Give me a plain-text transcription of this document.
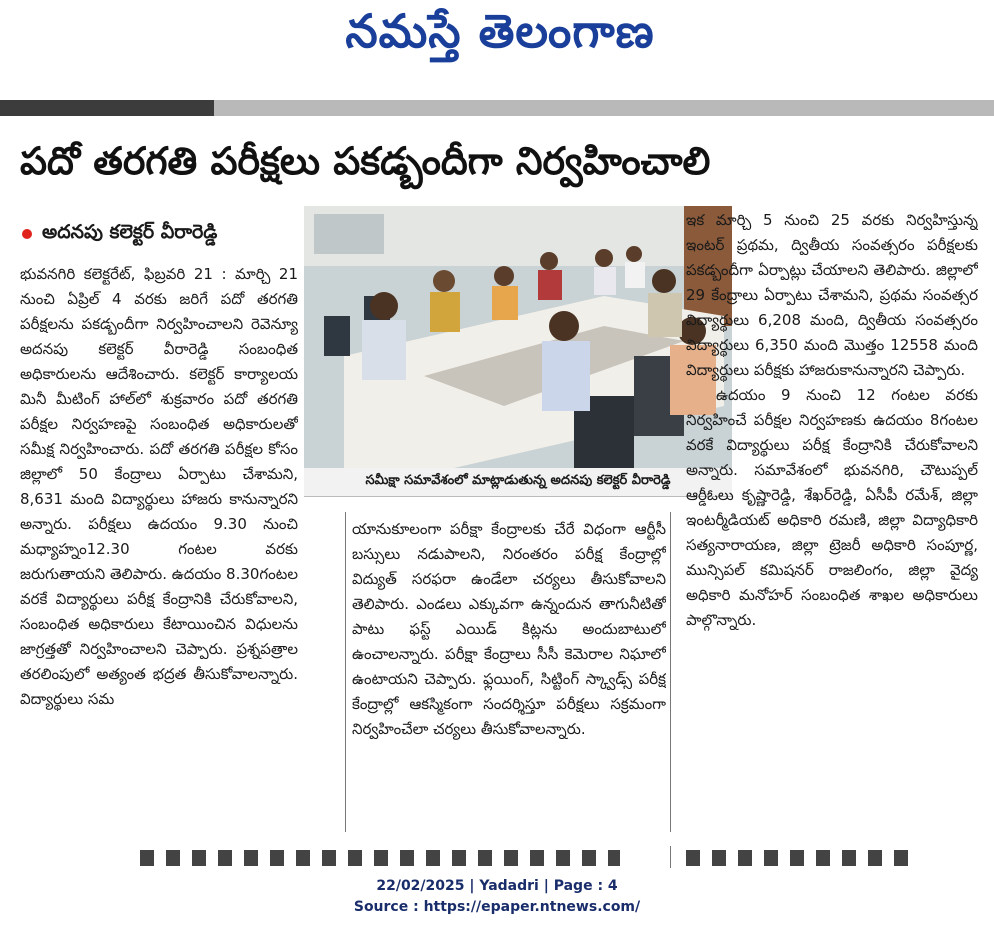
నమస్తే తెలంగాణ
పదో తరగతి పరీక్షలు పకడ్బందీగా నిర్వహించాలి
అదనపు కలెక్టర్ వీరారెడ్డి

భువనగిరి కలెక్టరేట్, ఫిబ్రవరి 21 : మార్చి 21 నుంచి ఏప్రిల్ 4 వరకు జరిగే పదో తరగతి పరీక్షలను పకడ్బందీగా నిర్వహించాలని రెవెన్యూ అదనపు కలెక్టర్ వీరారెడ్డి సంబంధిత అధికారులను ఆదేశించారు. కలెక్టర్ కార్యాలయ మినీ మీటింగ్ హాల్‌లో శుక్రవారం పదో తరగతి పరీక్షల నిర్వహణపై సంబంధిత అధికారులతో సమీక్ష నిర్వహించారు. పదో తరగతి పరీక్షల కోసం జిల్లాలో 50 కేంద్రాలు ఏర్పాటు చేశామని, 8,631 మంది విద్యార్థులు హాజరు కానున్నారని అన్నారు. పరీక్షలు ఉదయం 9.30 నుంచి మధ్యాహ్నం12.30 గంటల వరకు జరుగుతాయని తెలిపారు. ఉదయం 8.30గంటల వరకే విద్యార్థులు పరీక్ష కేంద్రానికి చేరుకోవాలని, సంబంధిత అధికారులు కేటాయించిన విధులను జాగ్రత్తతో నిర్వహించాలని చెప్పారు. ప్రశ్నపత్రాల తరలింపులో అత్యంత భద్రత తీసుకోవాలన్నారు. విద్యార్థులు సమ

సమీక్షా సమావేశంలో మాట్లాడుతున్న అదనపు కలెక్టర్ వీరారెడ్డి

యానుకూలంగా పరీక్షా కేంద్రాలకు చేరే విధంగా ఆర్టీసీ బస్సులు నడుపాలని, నిరంతరం పరీక్ష కేంద్రాల్లో విద్యుత్ సరఫరా ఉండేలా చర్యలు తీసుకోవాలని తెలిపారు. ఎండలు ఎక్కువగా ఉన్నందున తాగునీటితో పాటు ఫస్ట్ ఎయిడ్ కిట్లను అందుబాటులో ఉంచాలన్నారు. పరీక్షా కేంద్రాలు సీసీ కెమెరాల నిఘాలో ఉంటాయని చెప్పారు. ఫ్లయింగ్, సిట్టింగ్ స్క్వాడ్స్ పరీక్ష కేంద్రాల్లో ఆకస్మికంగా సందర్శిస్తూ పరీక్షలు సక్రమంగా నిర్వహించేలా చర్యలు తీసుకోవాలన్నారు.

ఇక మార్చి 5 నుంచి 25 వరకు నిర్వహిస్తున్న ఇంటర్ ప్రథమ, ద్వితీయ సంవత్సరం పరీక్షలకు పకడ్బందీగా ఏర్పాట్లు చేయాలని తెలిపారు. జిల్లాలో 29 కేంద్రాలు ఏర్పాటు చేశామని, ప్రథమ సంవత్సర విద్యార్థులు 6,208 మంది, ద్వితీయ సంవత్సరం విద్యార్థులు 6,350 మంది మొత్తం 12558 మంది విద్యార్థులు పరీక్షకు హాజరుకానున్నారని చెప్పారు.

ఉదయం 9 నుంచి 12 గంటల వరకు నిర్వహించే పరీక్షల నిర్వహణకు ఉదయం 8గంటల వరకే విద్యార్థులు పరీక్ష కేంద్రానికి చేరుకోవాలని అన్నారు. సమావేశంలో భువనగిరి, చౌటుప్పల్ ఆర్డీఓలు కృష్ణారెడ్డి, శేఖర్‌రెడ్డి, ఏసీపీ రమేశ్, జిల్లా ఇంటర్మీడియట్ అధికారి రమణి, జిల్లా విద్యాధికారి సత్యనారాయణ, జిల్లా ట్రెజరీ అధికారి సంపూర్ణ, మున్సిపల్ కమిషనర్ రాజలింగం, జిల్లా వైద్య అధికారి మనోహర్ సంబంధిత శాఖల అధికారులు పాల్గొన్నారు.

22/02/2025 | Yadadri | Page : 4
Source : https://epaper.ntnews.com/
